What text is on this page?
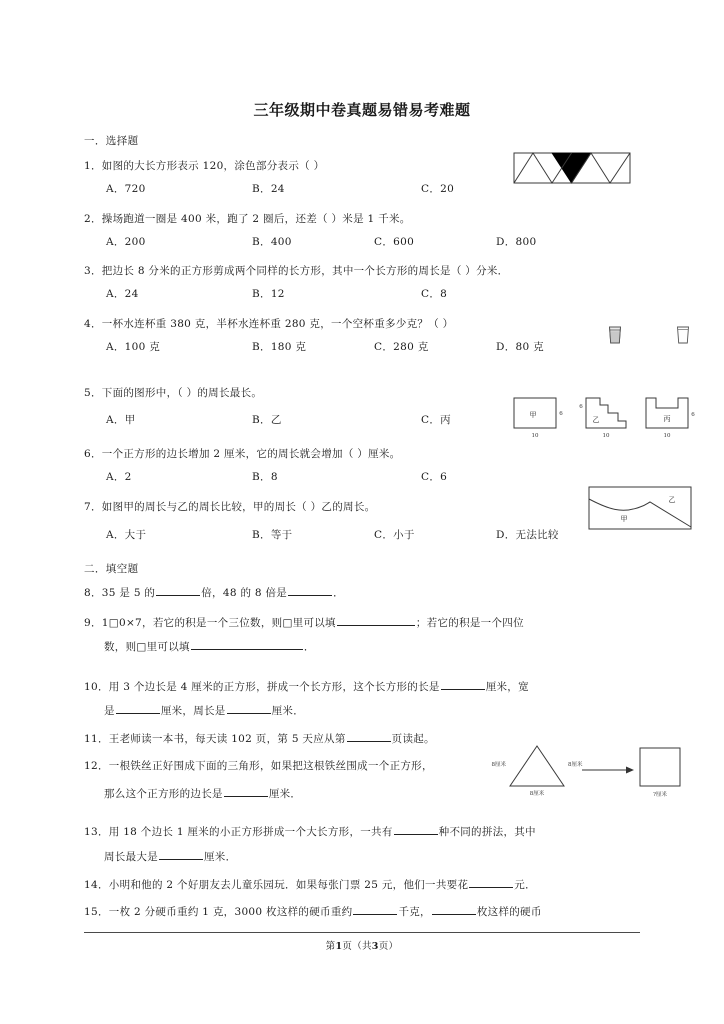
三年级期中卷真题易错易考难题
一．选择题
1．如图的大长方形表示 120，涂色部分表示（ ）
A．720	B．24	C．20
2．操场跑道一圈是 400 米，跑了 2 圈后，还差（ ）米是 1 千米。
A．200	B．400	C．600	D．800
3．把边长 8 分米的正方形剪成两个同样的长方形，其中一个长方形的周长是（ ）分米．
A．24	B．12	C．8
4．一杯水连杯重 380 克，半杯水连杯重 280 克，一个空杯重多少克？（ ）
A．100 克	B．180 克	C．280 克	D．80 克
5．下面的图形中，（ ）的周长最长。
A．甲	B．乙	C．丙	甲
10
6
乙
10
6
丙
10
6
6．一个正方形的边长增加 2 厘米，它的周长就会增加（ ）厘米。
A．2	B．8	C．6
7．如图甲的周长与乙的周长比较，甲的周长（ ）乙的周长。
A．大于	B．等于	C．小于	D．无法比较
乙
甲
二．填空题
8．35 是 5 的	倍，48 的 8 倍是	．
9．1□0×7，若它的积是一个三位数，则□里可以填	；若它的积是一个四位
数，则□里可以填	．
10．用 3 个边长是 4 厘米的正方形，拼成一个长方形，这个长方形的长是	厘米，宽
是	厘米，周长是	厘米．
11．王老师读一本书，每天读 102 页，第 5 天应从第	页读起。
12．一根铁丝正好围成下面的三角形，如果把这根铁丝围成一个正方形，
那么这个正方形的边长是	厘米．
8厘米	8厘米
8厘米	?厘米
13．用 18 个边长 1 厘米的小正方形拼成一个大长方形，一共有	种不同的拼法，其中
周长最大是	厘米．
14．小明和他的 2 个好朋友去儿童乐园玩．如果每张门票 25 元，他们一共要花	元．
15．一枚 2 分硬币重约 1 克，3000 枚这样的硬币重约	千克，	枚这样的硬币
第1页（共3页）
